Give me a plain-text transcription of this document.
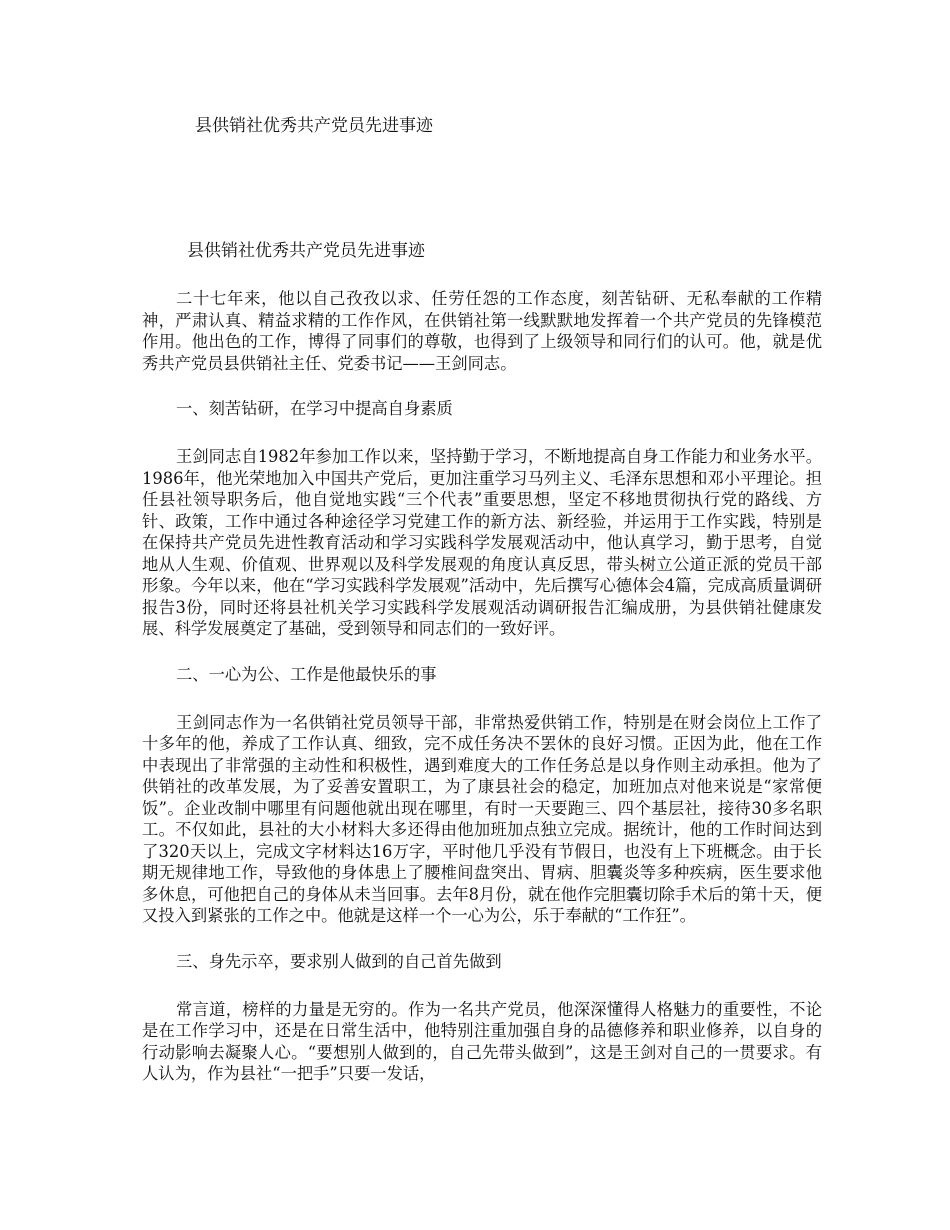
县供销社优秀共产党员先进事迹
县供销社优秀共产党员先进事迹

二十七年来，他以自己孜孜以求、任劳任怨的工作态度，刻苦钻研、无私奉献的工作精神，严肃认真、精益求精的工作作风，在供销社第一线默默地发挥着一个共产党员的先锋模范作用。他出色的工作，博得了同事们的尊敬，也得到了上级领导和同行们的认可。他，就是优秀共产党员县供销社主任、党委书记——王剑同志。

一、刻苦钻研，在学习中提高自身素质

王剑同志自1982年参加工作以来，坚持勤于学习，不断地提高自身工作能力和业务水平。1986年，他光荣地加入中国共产党后，更加注重学习马列主义、毛泽东思想和邓小平理论。担任县社领导职务后，他自觉地实践“三个代表”重要思想，坚定不移地贯彻执行党的路线、方针、政策，工作中通过各种途径学习党建工作的新方法、新经验，并运用于工作实践，特别是在保持共产党员先进性教育活动和学习实践科学发展观活动中，他认真学习，勤于思考，自觉地从人生观、价值观、世界观以及科学发展观的角度认真反思，带头树立公道正派的党员干部形象。今年以来，他在“学习实践科学发展观”活动中，先后撰写心德体会4篇，完成高质量调研报告3份，同时还将县社机关学习实践科学发展观活动调研报告汇编成册，为县供销社健康发展、科学发展奠定了基础，受到领导和同志们的一致好评。

二、一心为公、工作是他最快乐的事

王剑同志作为一名供销社党员领导干部，非常热爱供销工作，特别是在财会岗位上工作了十多年的他，养成了工作认真、细致，完不成任务决不罢休的良好习惯。正因为此，他在工作中表现出了非常强的主动性和积极性，遇到难度大的工作任务总是以身作则主动承担。他为了供销社的改革发展，为了妥善安置职工，为了康县社会的稳定，加班加点对他来说是“家常便饭”。企业改制中哪里有问题他就出现在哪里，有时一天要跑三、四个基层社，接待30多名职工。不仅如此，县社的大小材料大多还得由他加班加点独立完成。据统计，他的工作时间达到了320天以上，完成文字材料达16万字，平时他几乎没有节假日，也没有上下班概念。由于长期无规律地工作，导致他的身体患上了腰椎间盘突出、胃病、胆囊炎等多种疾病，医生要求他多休息，可他把自己的身体从未当回事。去年8月份，就在他作完胆囊切除手术后的第十天，便又投入到紧张的工作之中。他就是这样一个一心为公，乐于奉献的“工作狂”。

三、身先示卒，要求别人做到的自己首先做到

常言道，榜样的力量是无穷的。作为一名共产党员，他深深懂得人格魅力的重要性，不论是在工作学习中，还是在日常生活中，他特别注重加强自身的品德修养和职业修养，以自身的行动影响去凝聚人心。“要想别人做到的，自己先带头做到”，这是王剑对自己的一贯要求。有人认为，作为县社“一把手”只要一发话，
